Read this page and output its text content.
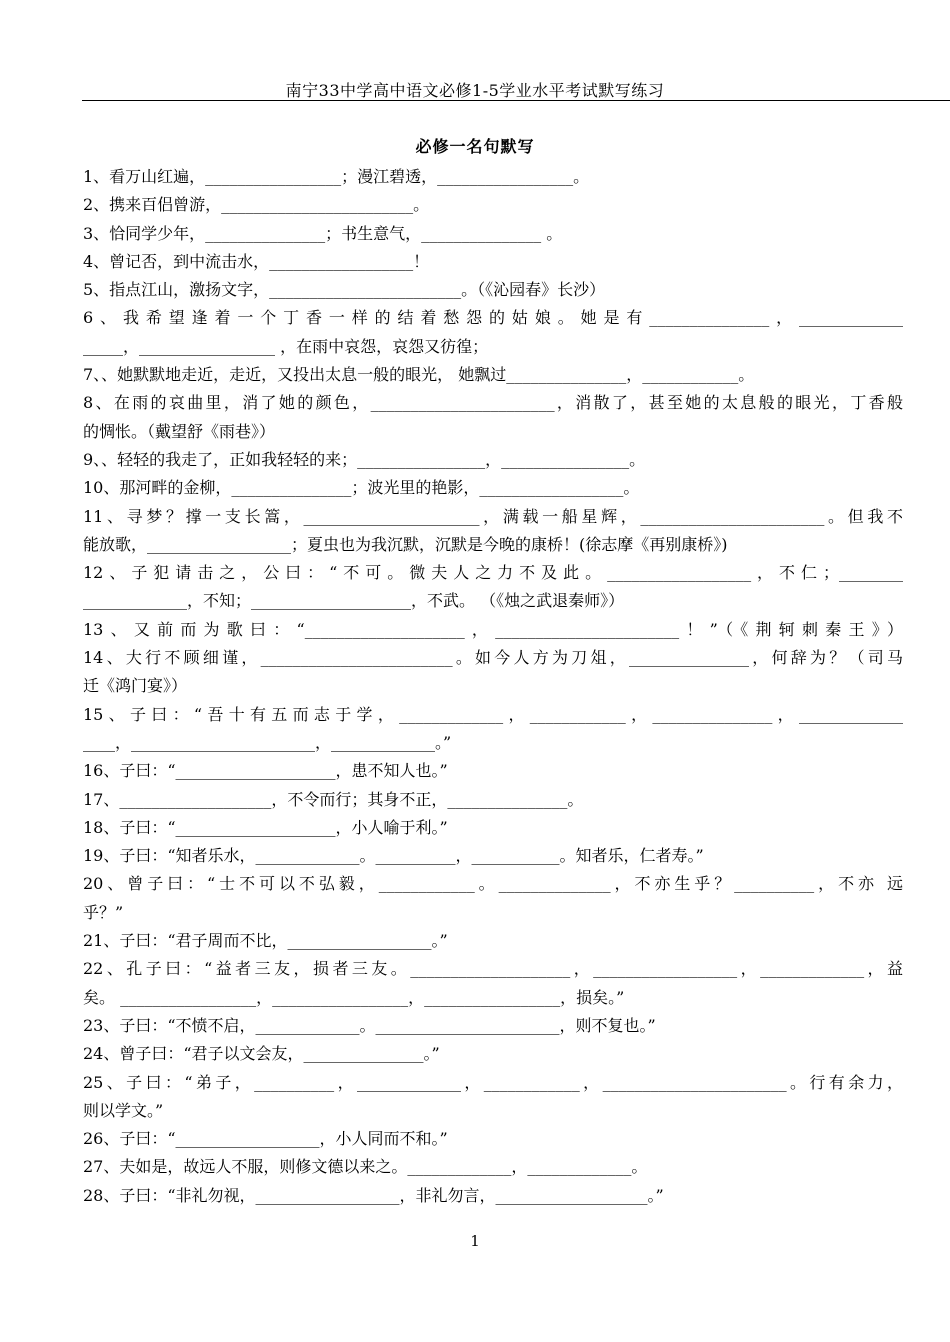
南宁33中学高中语文必修1-5学业水平考试默写练习
必修一名句默写
1、看万山红遍，_________________；漫江碧透，_________________。
2、携来百侣曾游，________________________。
3、恰同学少年，_______________；书生意气，_______________ 。
4、曾记否，到中流击水，__________________！
5、指点江山，激扬文字，________________________。（《沁园春》长沙）
6、我希望逢着一个丁香一样的结着愁怨的姑娘。她是有_______________，_____________
_____，_________________ ，在雨中哀怨，哀怨又彷徨；
7、、她默默地走近，走近，又投出太息一般的眼光， 她飘过_______________，____________。
8、在雨的哀曲里，消了她的颜色，_______________________，消散了，甚至她的太息般的眼光，丁香般
的惆怅。（戴望舒《雨巷》）
9、、轻轻的我走了，正如我轻轻的来；________________，________________。
10、那河畔的金柳，_______________；波光里的艳影，__________________。
11、寻梦？撑一支长篙，______________________，满载一船星辉，_______________________。但我不
能放歌，__________________；夏虫也为我沉默，沉默是今晚的康桥！(徐志摩《再别康桥》)
12、子犯请击之，公曰：“不可。微夫人之力不及此。__________________，不仁；________
_____________，不知；____________________，不武。 （《烛之武退秦师》）
13、又前而为歌曰：“____________________，_______________________！”（《荆轲刺秦王》）
14、大行不顾细谨，________________________。如今人方为刀俎，_______________，何辞为？（司马
迁《鸿门宴》）
15、子曰：“吾十有五而志于学，_____________，____________，_______________，_____________
____，_______________________，_____________。”
16、子曰：“____________________，患不知人也。”
17、___________________，不令而行；其身不正，_______________。
18、子曰：“____________________，小人喻于利。”
19、子曰：“知者乐水，_____________。__________，___________。知者乐，仁者寿。”
20、曾子曰：“士不可以不弘毅，____________。______________，不亦生乎？__________，不亦 远
乎？”
21、子曰：“君子周而不比，__________________。”
22、孔子曰：“益者三友，损者三友。____________________，__________________，_____________，益
矣。 _________________，_________________，_________________，损矣。”
23、子曰：“不愤不启，_____________。_______________________，则不复也。”
24、曾子曰：“君子以文会友，_______________。”
25、子曰：“弟子，__________，_____________，____________，_______________________。行有余力，
则以学文。”
26、子曰：“__________________，小人同而不和。”
27、夫如是，故远人不服，则修文德以来之。_____________，_____________。
28、子曰：“非礼勿视，__________________，非礼勿言，___________________。”
1
